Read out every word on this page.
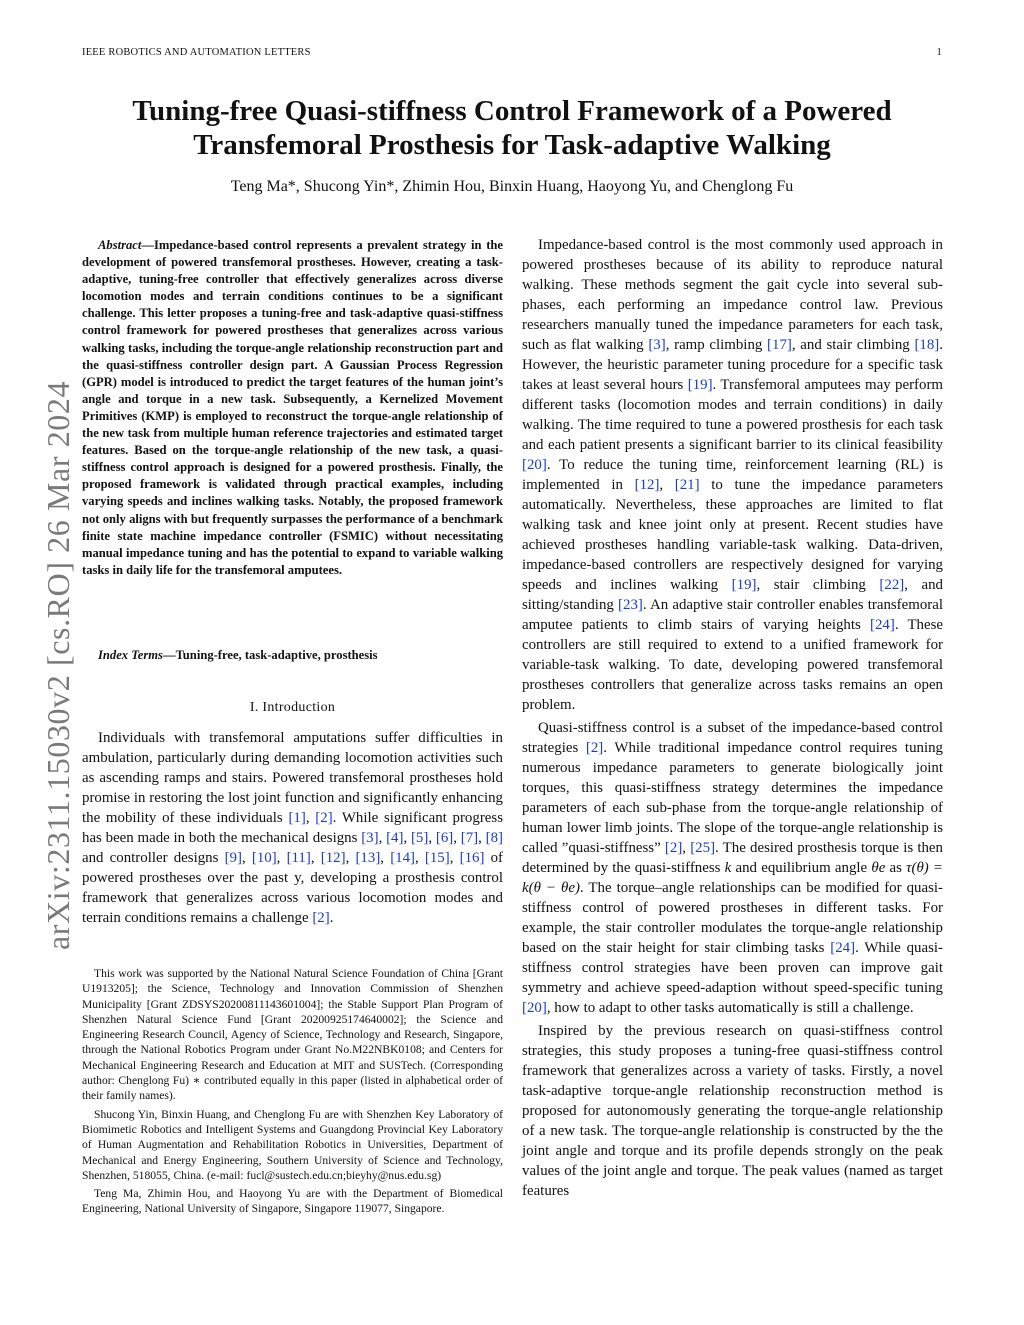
IEEE ROBOTICS AND AUTOMATION LETTERS	1
Tuning-free Quasi-stiffness Control Framework of a Powered
Transfemoral Prosthesis for Task-adaptive Walking
Teng Ma*, Shucong Yin*, Zhimin Hou, Binxin Huang, Haoyong Yu, and Chenglong Fu
arXiv:2311.15030v2 [cs.RO] 26 Mar 2024
Abstract—Impedance-based control represents a prevalent strategy in the development of powered transfemoral prostheses. However, creating a task-adaptive, tuning-free controller that effectively generalizes across diverse locomotion modes and terrain conditions continues to be a significant challenge. This letter proposes a tuning-free and task-adaptive quasi-stiffness control framework for powered prostheses that generalizes across various walking tasks, including the torque-angle relationship reconstruction part and the quasi-stiffness controller design part. A Gaussian Process Regression (GPR) model is introduced to predict the target features of the human joint’s angle and torque in a new task. Subsequently, a Kernelized Movement Primitives (KMP) is employed to reconstruct the torque-angle relationship of the new task from multiple human reference trajectories and estimated target features. Based on the torque-angle relationship of the new task, a quasi-stiffness control approach is designed for a powered prosthesis. Finally, the proposed framework is validated through practical examples, including varying speeds and inclines walking tasks. Notably, the proposed framework not only aligns with but frequently surpasses the performance of a benchmark finite state machine impedance controller (FSMIC) without necessitating manual impedance tuning and has the potential to expand to variable walking tasks in daily life for the transfemoral amputees.
Index Terms—Tuning-free, task-adaptive, prosthesis
I. Introduction

Individuals with transfemoral amputations suffer difficulties in ambulation, particularly during demanding locomotion activities such as ascending ramps and stairs. Powered transfemoral prostheses hold promise in restoring the lost joint function and significantly enhancing the mobility of these individuals [1], [2]. While significant progress has been made in both the mechanical designs [3], [4], [5], [6], [7], [8] and controller designs [9], [10], [11], [12], [13], [14], [15], [16] of powered prostheses over the past y, developing a prosthesis control framework that generalizes across various locomotion modes and terrain conditions remains a challenge [2].

This work was supported by the National Natural Science Foundation of China [Grant U1913205]; the Science, Technology and Innovation Commission of Shenzhen Municipality [Grant ZDSYS20200811143601004]; the Stable Support Plan Program of Shenzhen Natural Science Fund [Grant 20200925174640002]; the Science and Engineering Research Council, Agency of Science, Technology and Research, Singapore, through the National Robotics Program under Grant No.M22NBK0108; and Centers for Mechanical Engineering Research and Education at MIT and SUSTech. (Corresponding author: Chenglong Fu) ∗ contributed equally in this paper (listed in alphabetical order of their family names).

Shucong Yin, Binxin Huang, and Chenglong Fu are with Shenzhen Key Laboratory of Biomimetic Robotics and Intelligent Systems and Guangdong Provincial Key Laboratory of Human Augmentation and Rehabilitation Robotics in Universities, Department of Mechanical and Energy Engineering, Southern University of Science and Technology, Shenzhen, 518055, China. (e-mail: fucl@sustech.edu.cn;bieyhy@nus.edu.sg)

Teng Ma, Zhimin Hou, and Haoyong Yu are with the Department of Biomedical Engineering, National University of Singapore, Singapore 119077, Singapore.

Impedance-based control is the most commonly used approach in powered prostheses because of its ability to reproduce natural walking. These methods segment the gait cycle into several sub-phases, each performing an impedance control law. Previous researchers manually tuned the impedance parameters for each task, such as flat walking [3], ramp climbing [17], and stair climbing [18]. However, the heuristic parameter tuning procedure for a specific task takes at least several hours [19]. Transfemoral amputees may perform different tasks (locomotion modes and terrain conditions) in daily walking. The time required to tune a powered prosthesis for each task and each patient presents a significant barrier to its clinical feasibility [20]. To reduce the tuning time, reinforcement learning (RL) is implemented in [12], [21] to tune the impedance parameters automatically. Nevertheless, these approaches are limited to flat walking task and knee joint only at present. Recent studies have achieved prostheses handling variable-task walking. Data-driven, impedance-based controllers are respectively designed for varying speeds and inclines walking [19], stair climbing [22], and sitting/standing [23]. An adaptive stair controller enables transfemoral amputee patients to climb stairs of varying heights [24]. These controllers are still required to extend to a unified framework for variable-task walking. To date, developing powered transfemoral prostheses controllers that generalize across tasks remains an open problem.

Quasi-stiffness control is a subset of the impedance-based control strategies [2]. While traditional impedance control requires tuning numerous impedance parameters to generate biologically joint torques, this quasi-stiffness strategy determines the impedance parameters of each sub-phase from the torque-angle relationship of human lower limb joints. The slope of the torque-angle relationship is called ”quasi-stiffness” [2], [25]. The desired prosthesis torque is then determined by the quasi-stiffness k and equilibrium angle θe as τ(θ) = k(θ − θe). The torque–angle relationships can be modified for quasi-stiffness control of powered prostheses in different tasks. For example, the stair controller modulates the torque-angle relationship based on the stair height for stair climbing tasks [24]. While quasi-stiffness control strategies have been proven can improve gait symmetry and achieve speed-adaption without speed-specific tuning [20], how to adapt to other tasks automatically is still a challenge.

Inspired by the previous research on quasi-stiffness control strategies, this study proposes a tuning-free quasi-stiffness control framework that generalizes across a variety of tasks. Firstly, a novel task-adaptive torque-angle relationship reconstruction method is proposed for autonomously generating the torque-angle relationship of a new task. The torque-angle relationship is constructed by the the joint angle and torque and its profile depends strongly on the peak values of the joint angle and torque. The peak values (named as target features
